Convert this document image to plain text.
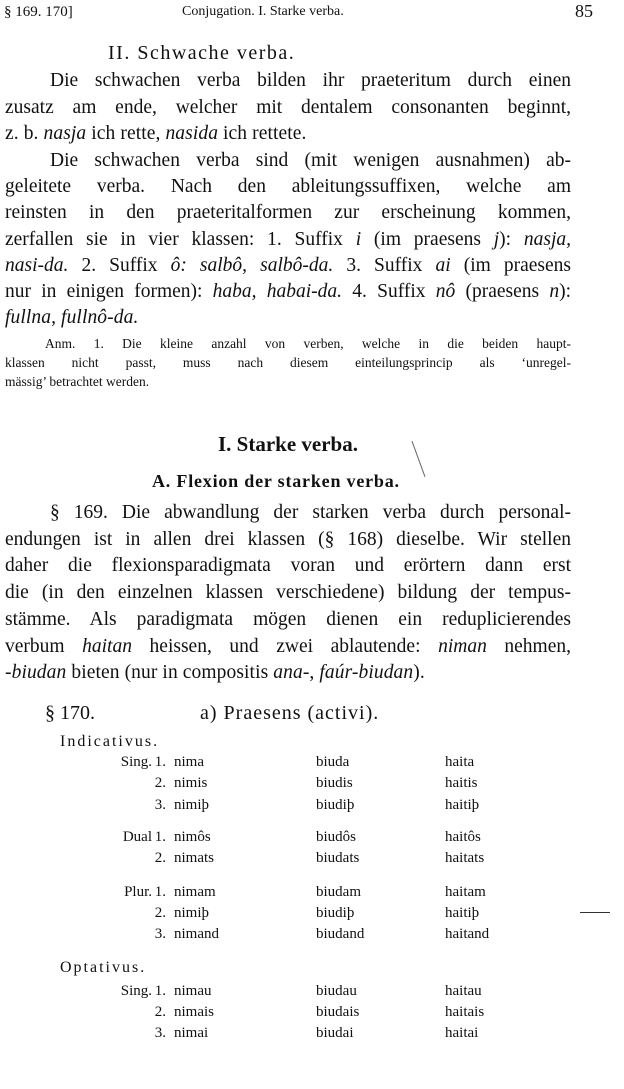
§ 169. 170]	Conjugation. I. Starke verba.	85
II. Schwache verba.
Die schwachen verba bilden ihr praeteritum durch einen
zusatz am ende, welcher mit dentalem consonanten beginnt,
z. b. nasja ich rette, nasida ich rettete.
Die schwachen verba sind (mit wenigen ausnahmen) ab-
geleitete verba. Nach den ableitungssuffixen, welche am
reinsten in den praeteritalformen zur erscheinung kommen,
zerfallen sie in vier klassen: 1. Suffix i (im praesens j): nasja,
nasi-da. 2. Suffix ô: salbô, salbô-da. 3. Suffix ai (im praesens
nur in einigen formen): haba, habai-da. 4. Suffix nô (praesens n):
fullna, fullnô-da.
Anm. 1. Die kleine anzahl von verben, welche in die beiden haupt-
klassen nicht passt, muss nach diesem einteilungsprincip als ‘unregel-
mässig’ betrachtet werden.
I. Starke verba.
A. Flexion der starken verba.
§ 169. Die abwandlung der starken verba durch personal-
endungen ist in allen drei klassen (§ 168) dieselbe. Wir stellen
daher die flexionsparadigmata voran und erörtern dann erst
die (in den einzelnen klassen verschiedene) bildung der tempus-
stämme. Als paradigmata mögen dienen ein reduplicierendes
verbum haitan heissen, und zwei ablautende: niman nehmen,
-biudan bieten (nur in compositis ana-, faúr-biudan).
§ 170.	a) Praesens (activi).
Indicativus.
Sing. 1. nima	biuda	haita
2. nimis	biudis	haitis
3. nimiþ	biudiþ	haitiþ
Dual 1. nimôs	biudôs	haitôs
2. nimats	biudats	haitats
Plur. 1. nimam	biudam	haitam
2. nimiþ	biudiþ	haitiþ
3. nimand	biudand	haitand
Optativus.
Sing. 1. nimau	biudau	haitau
2. nimais	biudais	haitais
3. nimai	biudai	haitai
